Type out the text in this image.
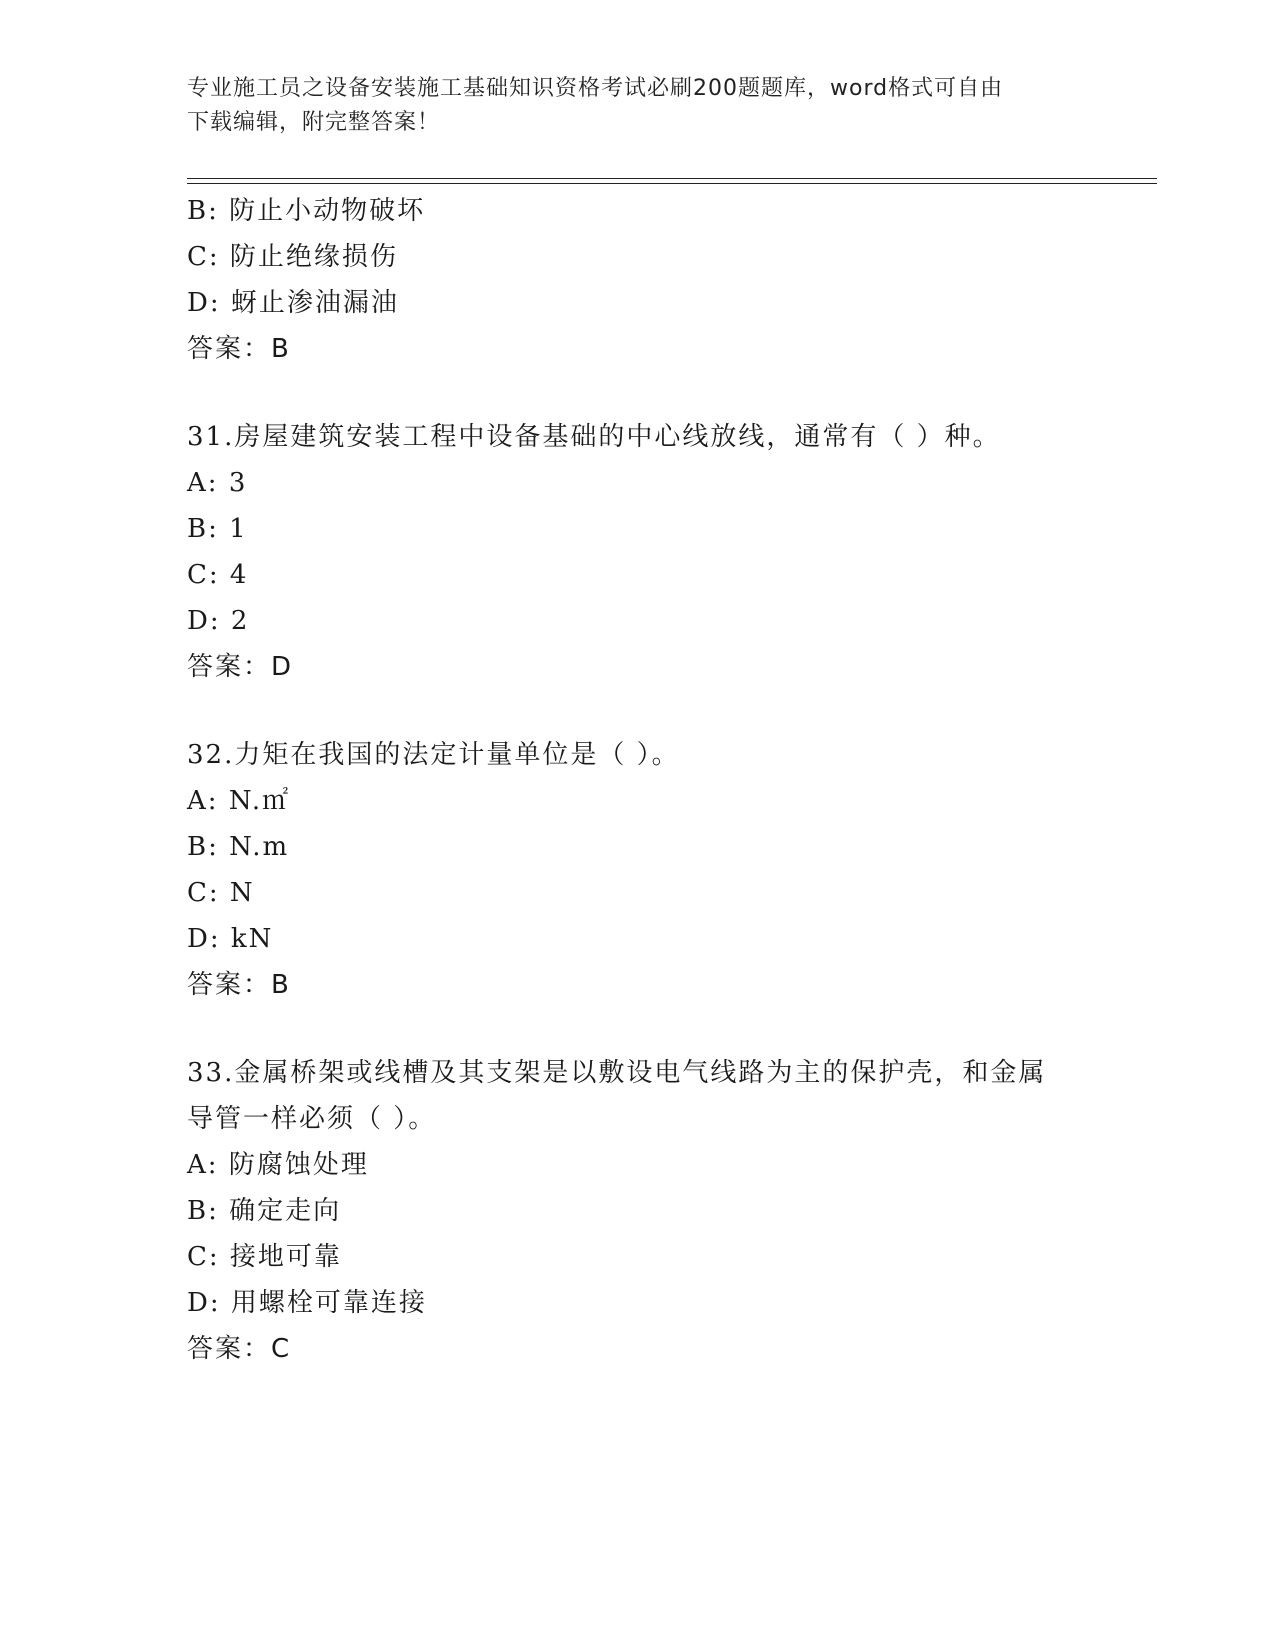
专业施工员之设备安装施工基础知识资格考试必刷200题题库，word格式可自由
下载编辑，附完整答案！
B: 防止小动物破坏
C: 防止绝缘损伤
D: 蚜止渗油漏油
答案：B
31.房屋建筑安装工程中设备基础的中心线放线，通常有（ ）种。
A: 3
B: 1
C: 4
D: 2
答案：D
32.力矩在我国的法定计量单位是（ ）。
A: N.㎡
B: N.m
C: N
D: kN
答案：B
33.金属桥架或线槽及其支架是以敷设电气线路为主的保护壳，和金属
导管一样必须（ ）。
A: 防腐蚀处理
B: 确定走向
C: 接地可靠
D: 用螺栓可靠连接
答案：C
